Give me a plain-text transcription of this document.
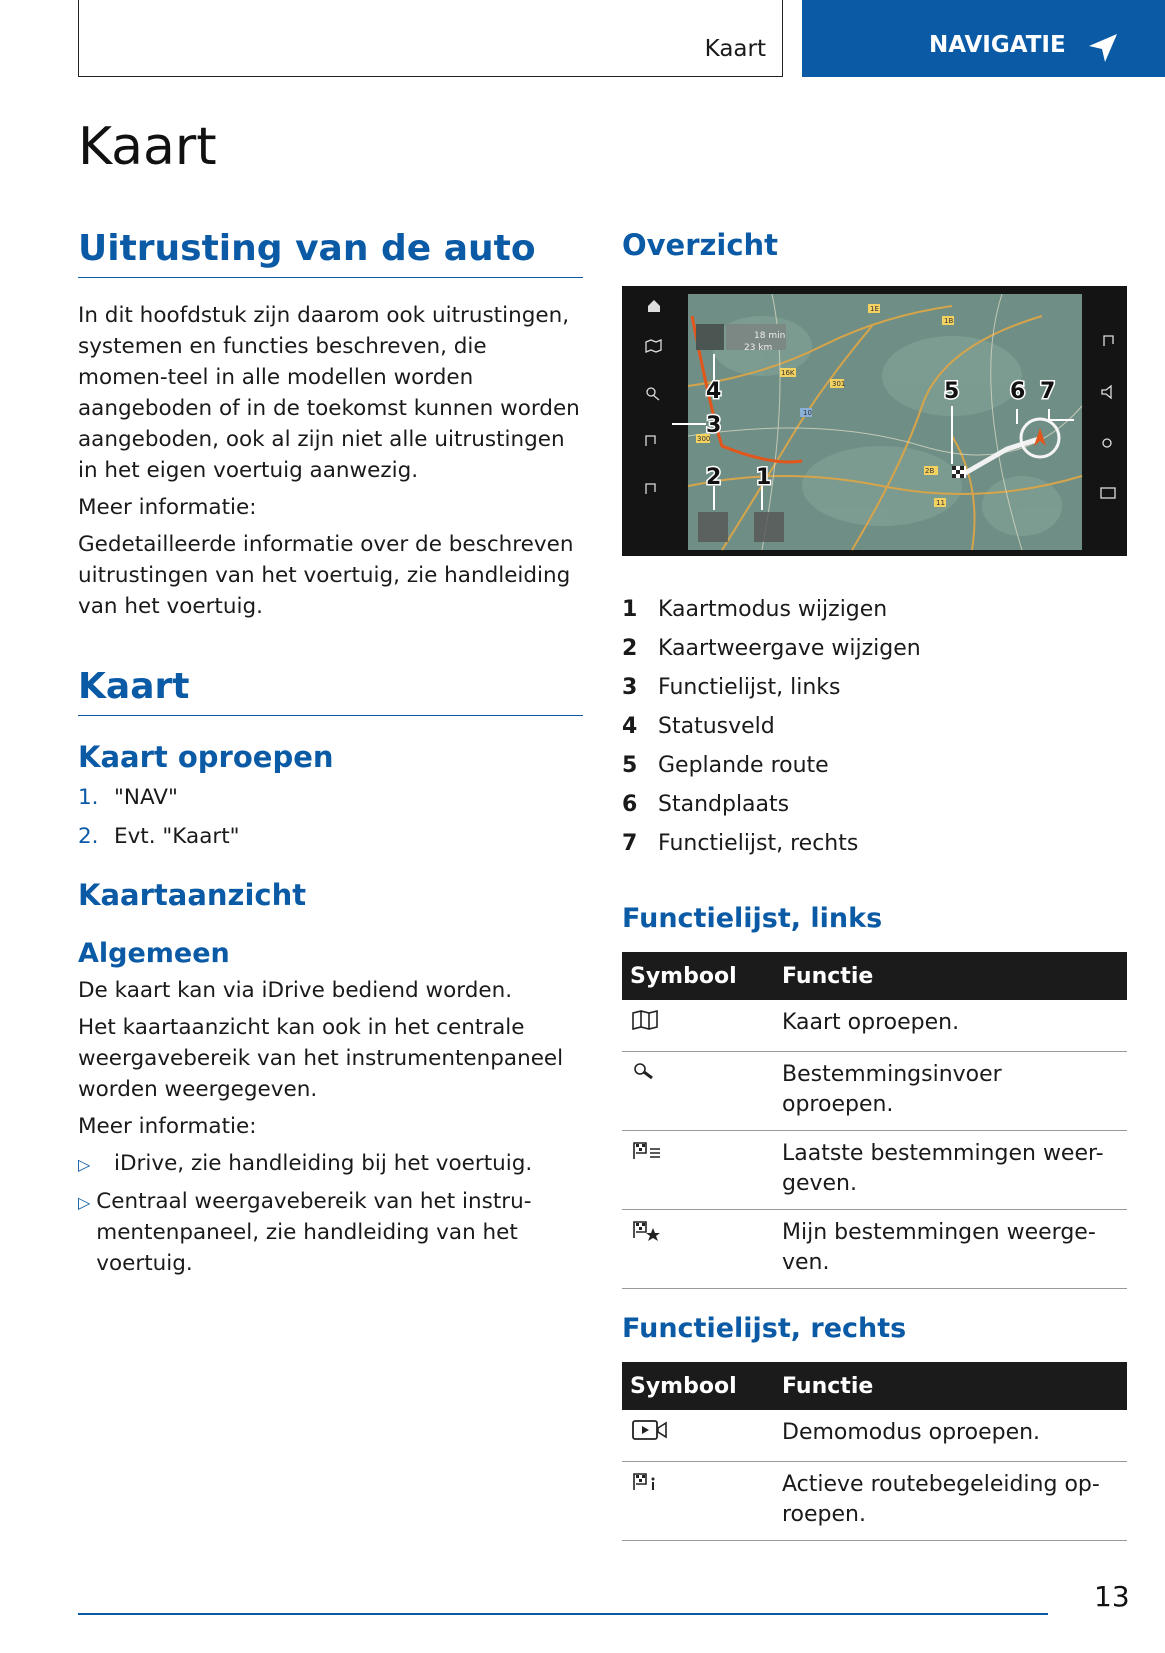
Kaart	NAVIGATIE
Kaart
Uitrusting van de auto

In dit hoofdstuk zijn daarom ook uitrustingen, systemen en functies beschreven, die momen-teel in alle modellen worden aangeboden of in de toekomst kunnen worden aangeboden, ook al zijn niet alle uitrustingen in het eigen voertuig aanwezig.

Meer informatie:

Gedetailleerde informatie over de beschreven uitrustingen van het voertuig, zie handleiding van het voertuig.

Kaart
Kaart oproepen
1. "NAV"
2. Evt. "Kaart"
Kaartaanzicht
Algemeen

De kaart kan via iDrive bediend worden.

Het kaartaanzicht kan ook in het centrale weergavebereik van het instrumentenpaneel worden weergegeven.

Meer informatie:

▷	iDrive, zie handleiding bij het voertuig.
▷ Centraal weergavebereik van het instru-mentenpaneel, zie handleiding van het voertuig.
Overzicht
18 min
23 km
1E
1B
16K
301
10
300
2B
11
1
2
3
4	5 6 7
1 Kaartmodus wijzigen
2 Kaartweergave wijzigen
3 Functielijst, links
4 Statusveld
5 Geplande route
6 Standplaats
7 Functielijst, rechts
Functielijst, links
Symbool	Functie
	Kaart oproepen.
	Bestemmingsinvoer oproepen.
	Laatste bestemmingen weer-geven.
	Mijn bestemmingen weerge-ven.
Functielijst, rechts
Symbool	Functie
	Demomodus oproepen.
	Actieve routebegeleiding op-roepen.
13
